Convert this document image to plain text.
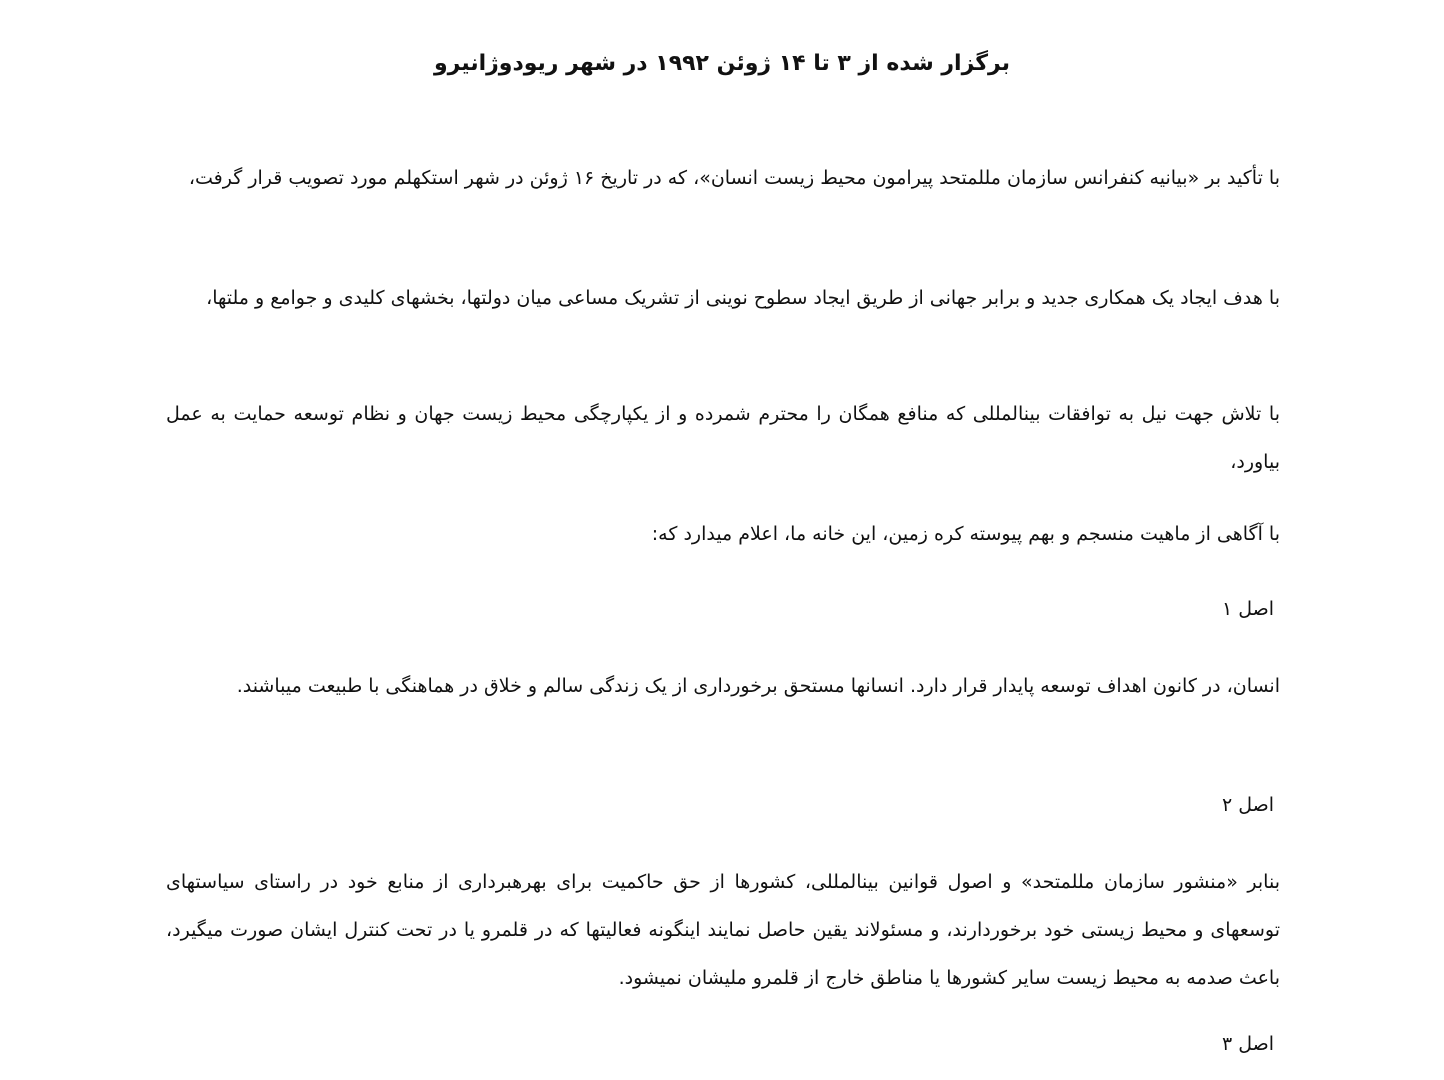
برگزار شده از ۳ تا ۱۴ ژوئن ۱۹۹۲ در شهر ریودوژانیرو

با تأکید بر «بیانیه کنفرانس سازمان مللمتحد پیرامون محیط زیست انسان»، که در تاریخ ۱۶ ژوئن در شهر استکهلم مورد تصویب قرار گرفت،

با هدف ایجاد یک همکاری جدید و برابر جهانی از طریق ایجاد سطوح نوینی از تشریک مساعی میان دولتها، بخشهای کلیدی و جوامع و ملتها،

با تلاش جهت نیل به توافقات بینالمللی که منافع همگان را محترم شمرده و از یکپارچگی محیط زیست جهان و نظام توسعه حمایت به عمل بیاورد،

با آگاهی از ماهیت منسجم و بهم پیوسته کره زمین، این خانه ما، اعلام میدارد که:

اصل ۱

انسان، در کانون اهداف توسعه پایدار قرار دارد. انسانها مستحق برخورداری از یک زندگی سالم و خلاق در هماهنگی با طبیعت میباشند.

اصل ۲

بنابر «منشور سازمان مللمتحد» و اصول قوانین بینالمللی، کشورها از حق حاکمیت برای بهرهبرداری از منابع خود در راستای سیاستهای توسعهای و محیط زیستی خود برخوردارند، و مسئولاند یقین حاصل نمایند اینگونه فعالیتها که در قلمرو یا در تحت کنترل ایشان صورت میگیرد، باعث صدمه به محیط زیست سایر کشورها یا مناطق خارج از قلمرو ملیشان نمیشود.

اصل ۳
